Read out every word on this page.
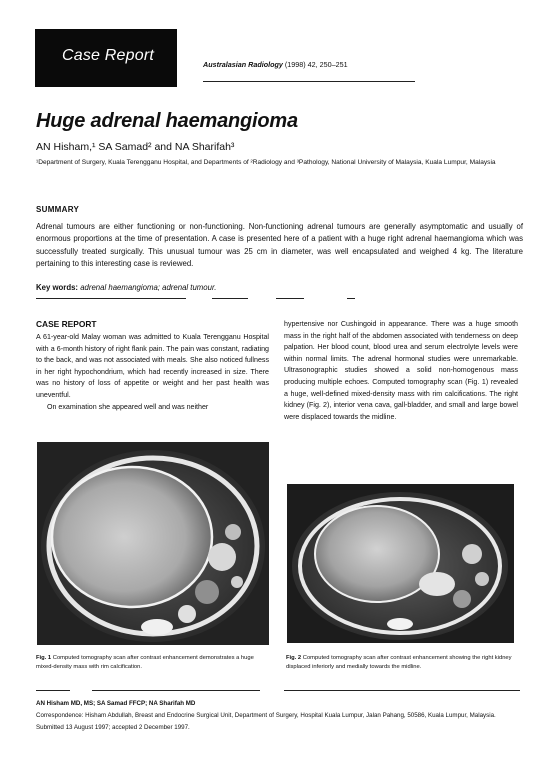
Case Report
Australasian Radiology (1998) 42, 250–251
Huge adrenal haemangioma
AN Hisham,¹ SA Samad² and NA Sharifah³
¹Department of Surgery, Kuala Terengganu Hospital, and Departments of ²Radiology and ³Pathology, National University of Malaysia, Kuala Lumpur, Malaysia
SUMMARY
Adrenal tumours are either functioning or non-functioning. Non-functioning adrenal tumours are generally asymptomatic and usually of enormous proportions at the time of presentation. A case is presented here of a patient with a huge right adrenal haemangioma which was successfully treated surgically. This unusual tumour was 25 cm in diameter, was well encapsulated and weighed 4 kg. The literature pertaining to this interesting case is reviewed.
Key words: adrenal haemangioma; adrenal tumour.
CASE REPORT
A 61-year-old Malay woman was admitted to Kuala Terengganu Hospital with a 6-month history of right flank pain. The pain was constant, radiating to the back, and was not associated with meals. She also noticed fullness in her right hypochondrium, which had recently increased in size. There was no history of loss of appetite or weight and her past health was uneventful.
On examination she appeared well and was neither
hypertensive nor Cushingoid in appearance. There was a huge smooth mass in the right half of the abdomen associated with tenderness on deep palpation. Her blood count, blood urea and serum electrolyte levels were within normal limits. The adrenal hormonal studies were unremarkable. Ultrasonographic studies showed a solid non-homogenous mass producing multiple echoes. Computed tomography scan (Fig. 1) revealed a huge, well-defined mixed-density mass with rim calcifications. The right kidney (Fig. 2), interior vena cava, gall-bladder, and small and large bowel were displaced towards the midline.
Fig. 1 Computed tomography scan after contrast enhancement demonstrates a huge mixed-density mass with rim calcification.
Fig. 2 Computed tomography scan after contrast enhancement showing the right kidney displaced inferiorly and medially towards the midline.
AN Hisham MD, MS; SA Samad FFCP; NA Sharifah MD
Correspondence: Hisham Abdullah, Breast and Endocrine Surgical Unit, Department of Surgery, Hospital Kuala Lumpur, Jalan Pahang, 50586, Kuala Lumpur, Malaysia.
Submitted 13 August 1997; accepted 2 December 1997.
